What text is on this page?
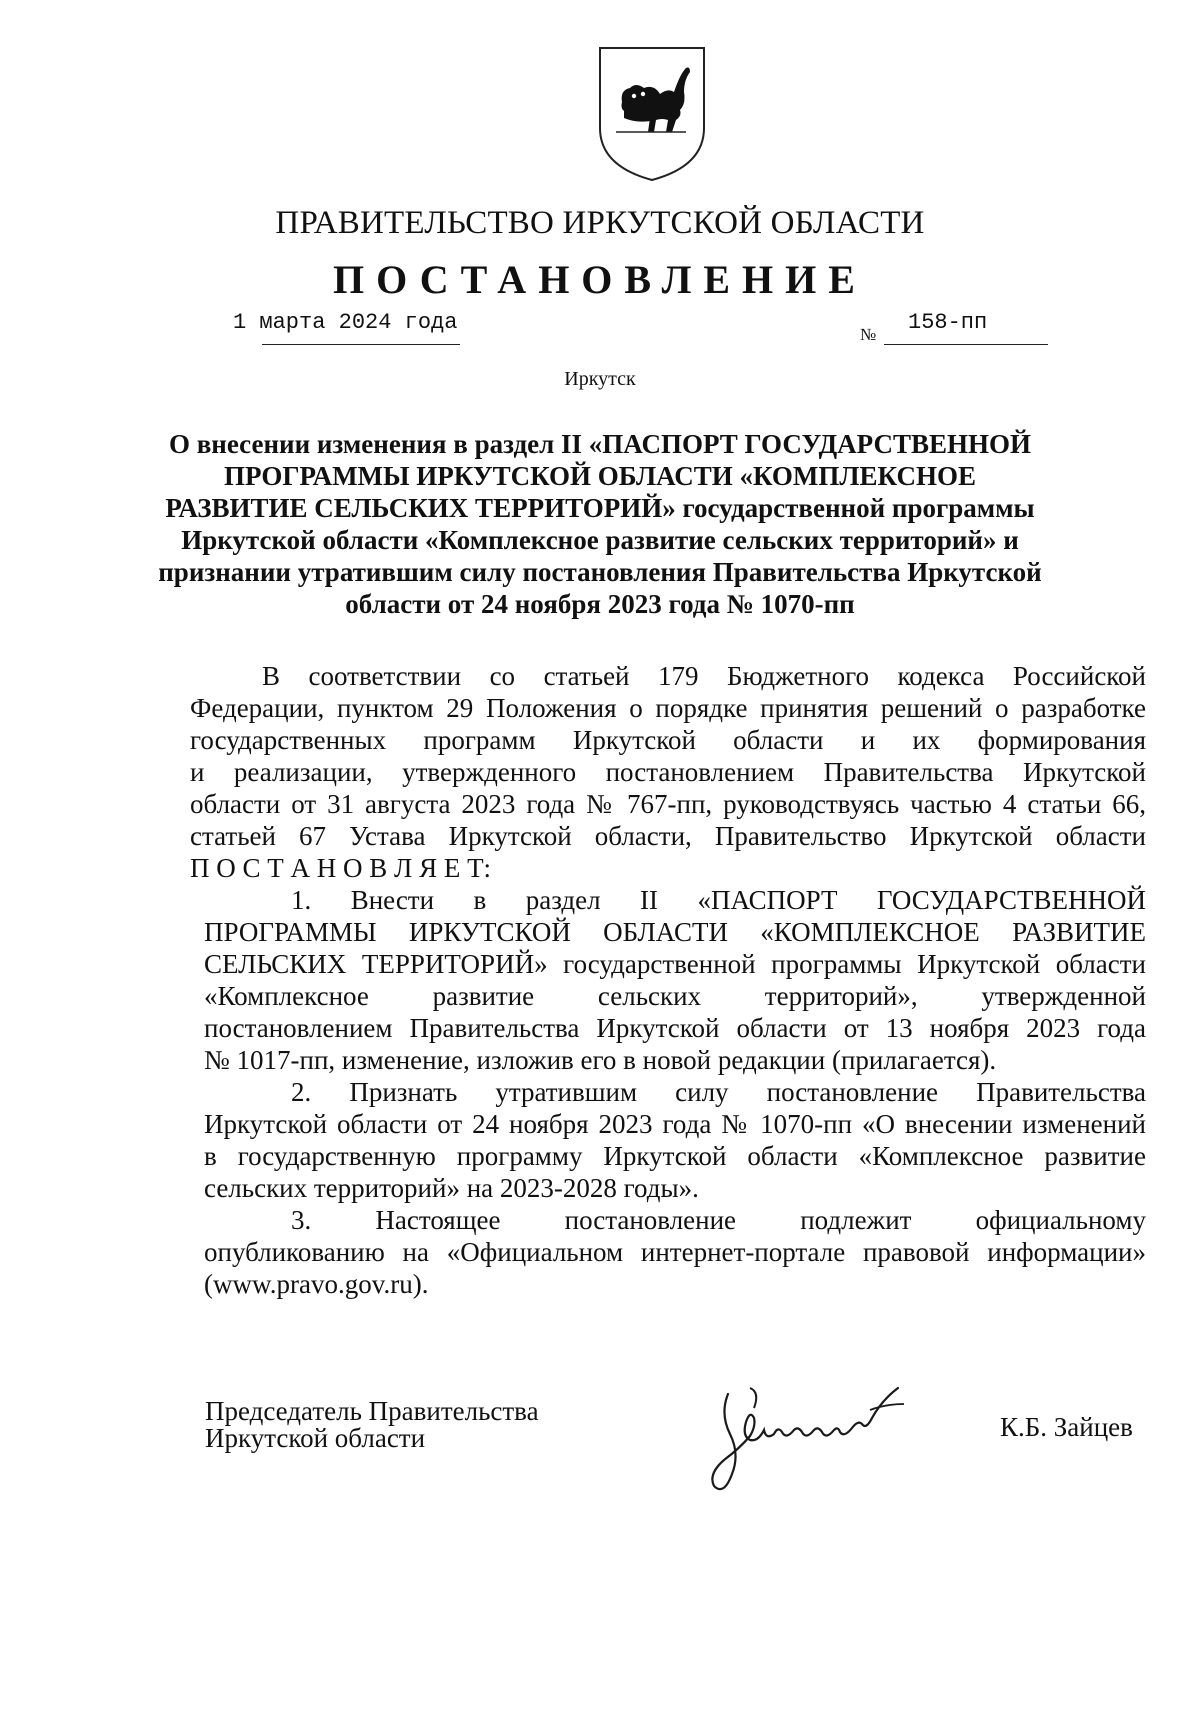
ПРАВИТЕЛЬСТВО ИРКУТСКОЙ ОБЛАСТИ
ПОСТАНОВЛЕНИЕ
1 марта 2024 года	№ 158-пп
Иркутск
О внесении изменения в раздел II «ПАСПОРТ ГОСУДАРСТВЕННОЙ
ПРОГРАММЫ ИРКУТСКОЙ ОБЛАСТИ «КОМПЛЕКСНОЕ
РАЗВИТИЕ СЕЛЬСКИХ ТЕРРИТОРИЙ» государственной программы
Иркутской области «Комплексное развитие сельских территорий» и
признании утратившим силу постановления Правительства Иркутской
области от 24 ноября 2023 года № 1070-пп
В соответствии со статьей 179 Бюджетного кодекса Российской
Федерации, пунктом 29 Положения о порядке принятия решений о разработке
государственных программ Иркутской области и их формирования
и реализации, утвержденного постановлением Правительства Иркутской
области от 31 августа 2023 года № 767-пп, руководствуясь частью 4 статьи 66,
статьей 67 Устава Иркутской области, Правительство Иркутской области
П О С Т А Н О В Л Я Е Т:
1. Внести в раздел II «ПАСПОРТ ГОСУДАРСТВЕННОЙ
ПРОГРАММЫ ИРКУТСКОЙ ОБЛАСТИ «КОМПЛЕКСНОЕ РАЗВИТИЕ
СЕЛЬСКИХ ТЕРРИТОРИЙ» государственной программы Иркутской области
«Комплексное развитие сельских территорий», утвержденной
постановлением Правительства Иркутской области от 13 ноября 2023 года
№ 1017-пп, изменение, изложив его в новой редакции (прилагается).
2. Признать утратившим силу постановление Правительства
Иркутской области от 24 ноября 2023 года № 1070-пп «О внесении изменений
в государственную программу Иркутской области «Комплексное развитие
сельских территорий» на 2023-2028 годы».
3. Настоящее постановление подлежит официальному
опубликованию на «Официальном интернет-портале правовой информации»
(www.pravo.gov.ru).
Председатель Правительства
Иркутской области	К.Б. Зайцев
